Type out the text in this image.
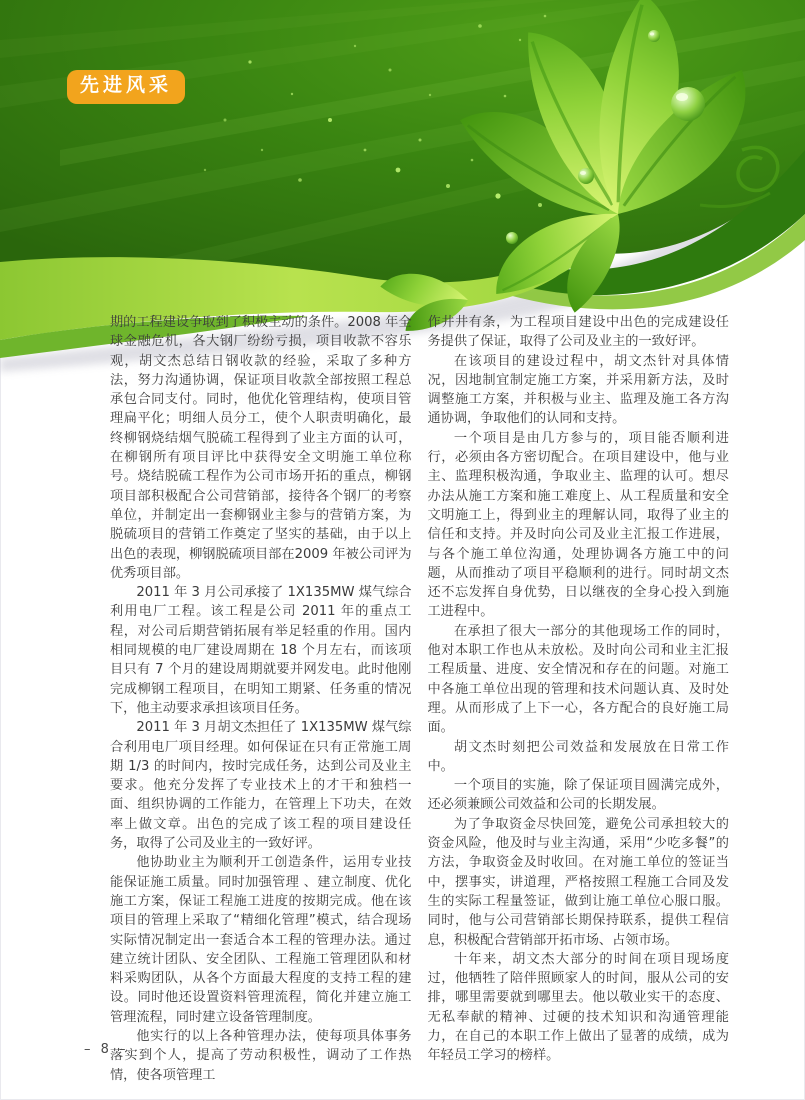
先进风采

期的工程建设争取到了积极主动的条件。2008 年全球金融危机，各大钢厂纷纷亏损，项目收款不容乐观，胡文杰总结日钢收款的经验，采取了多种方法，努力沟通协调，保证项目收款全部按照工程总承包合同支付。同时，他优化管理结构，使项目管理扁平化；明细人员分工，使个人职责明确化，最终柳钢烧结烟气脱硫工程得到了业主方面的认可，在柳钢所有项目评比中获得安全文明施工单位称号。烧结脱硫工程作为公司市场开拓的重点，柳钢项目部积极配合公司营销部，接待各个钢厂的考察单位，并制定出一套柳钢业主参与的营销方案，为脱硫项目的营销工作奠定了坚实的基础，由于以上出色的表现，柳钢脱硫项目部在2009 年被公司评为优秀项目部。

2011 年 3 月公司承接了 1X135MW 煤气综合利用电厂工程。该工程是公司 2011 年的重点工程，对公司后期营销拓展有举足轻重的作用。国内相同规模的电厂建设周期在 18 个月左右，而该项目只有 7 个月的建设周期就要并网发电。此时他刚完成柳钢工程项目，在明知工期紧、任务重的情况下，他主动要求承担该项目任务。

2011 年 3 月胡文杰担任了 1X135MW 煤气综合利用电厂项目经理。如何保证在只有正常施工周期 1/3 的时间内，按时完成任务，达到公司及业主要求。他充分发挥了专业技术上的才干和独档一面、组织协调的工作能力，在管理上下功夫，在效率上做文章。出色的完成了该工程的项目建设任务，取得了公司及业主的一致好评。

他协助业主为顺利开工创造条件，运用专业技能保证施工质量。同时加强管理 、建立制度、优化施工方案，保证工程施工进度的按期完成。他在该项目的管理上采取了“精细化管理”模式，结合现场实际情况制定出一套适合本工程的管理办法。通过建立统计团队、安全团队、工程施工管理团队和材料采购团队，从各个方面最大程度的支持工程的建设。同时他还设置资料管理流程，简化并建立施工管理流程，同时建立设备管理制度。

他实行的以上各种管理办法，使每项具体事务落实到个人，提高了劳动积极性，调动了工作热情，使各项管理工

作井井有条，为工程项目建设中出色的完成建设任务提供了保证，取得了公司及业主的一致好评。

在该项目的建设过程中，胡文杰针对具体情况，因地制宜制定施工方案，并采用新方法，及时调整施工方案，并积极与业主、监理及施工各方沟通协调，争取他们的认同和支持。

一个项目是由几方参与的，项目能否顺利进行，必须由各方密切配合。在项目建设中，他与业主、监理积极沟通，争取业主、监理的认可。想尽办法从施工方案和施工难度上、从工程质量和安全文明施工上，得到业主的理解认同，取得了业主的信任和支持。并及时向公司及业主汇报工作进展，与各个施工单位沟通，处理协调各方施工中的问题，从而推动了项目平稳顺利的进行。同时胡文杰还不忘发挥自身优势，日以继夜的全身心投入到施工进程中。

在承担了很大一部分的其他现场工作的同时，他对本职工作也从未放松。及时向公司和业主汇报工程质量、进度、安全情况和存在的问题。对施工中各施工单位出现的管理和技术问题认真、及时处理。从而形成了上下一心，各方配合的良好施工局面。

胡文杰时刻把公司效益和发展放在日常工作中。

一个项目的实施，除了保证项目圆满完成外，还必须兼顾公司效益和公司的长期发展。

为了争取资金尽快回笼，避免公司承担较大的资金风险，他及时与业主沟通，采用“少吃多餐”的方法，争取资金及时收回。在对施工单位的签证当中，摆事实，讲道理，严格按照工程施工合同及发生的实际工程量签证，做到让施工单位心服口服。同时，他与公司营销部长期保持联系，提供工程信息，积极配合营销部开拓市场、占领市场。

十年来，胡文杰大部分的时间在项目现场度过，他牺牲了陪伴照顾家人的时间，服从公司的安排，哪里需要就到哪里去。他以敬业实干的态度、无私奉献的精神、过硬的技术知识和沟通管理能力，在自己的本职工作上做出了显著的成绩，成为年轻员工学习的榜样。

– 8 –
